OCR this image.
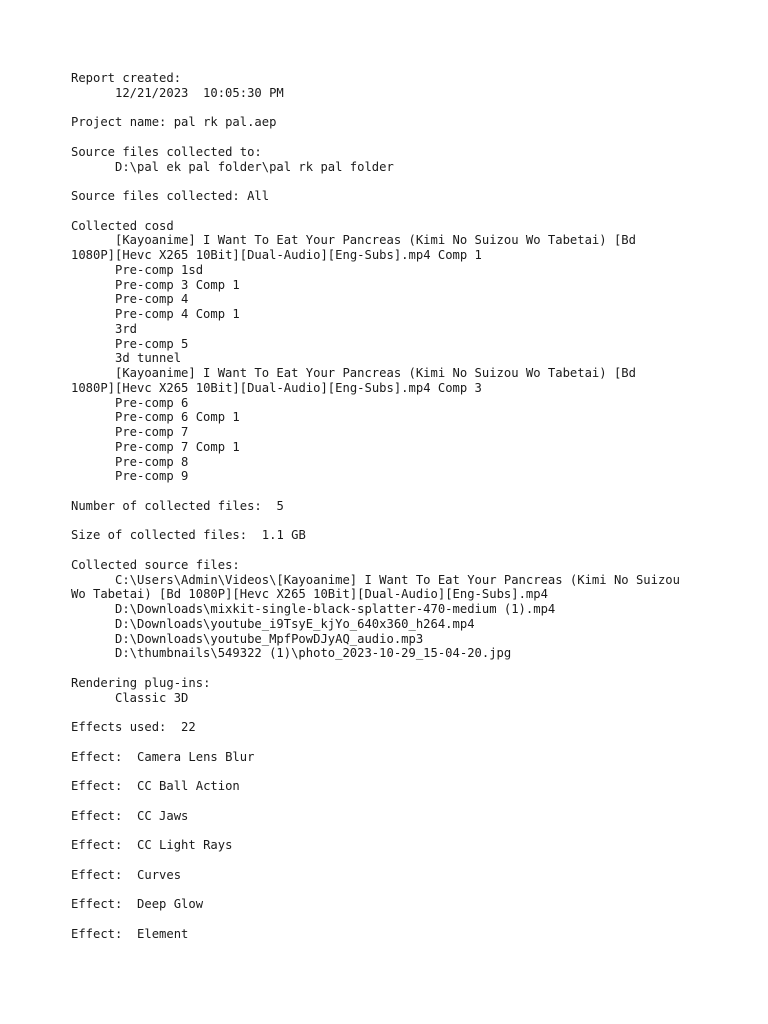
Report created:
12/21/2023  10:05:30 PM
Project name: pal rk pal.aep
Source files collected to:
D:\pal ek pal folder\pal rk pal folder
Source files collected: All
Collected cosd
[Kayoanime] I Want To Eat Your Pancreas (Kimi No Suizou Wo Tabetai) [Bd
1080P][Hevc X265 10Bit][Dual-Audio][Eng-Subs].mp4 Comp 1
Pre-comp 1sd
Pre-comp 3 Comp 1
Pre-comp 4
Pre-comp 4 Comp 1
3rd
Pre-comp 5
3d tunnel
[Kayoanime] I Want To Eat Your Pancreas (Kimi No Suizou Wo Tabetai) [Bd
1080P][Hevc X265 10Bit][Dual-Audio][Eng-Subs].mp4 Comp 3
Pre-comp 6
Pre-comp 6 Comp 1
Pre-comp 7
Pre-comp 7 Comp 1
Pre-comp 8
Pre-comp 9
Number of collected files:  5
Size of collected files:  1.1 GB
Collected source files:
C:\Users\Admin\Videos\[Kayoanime] I Want To Eat Your Pancreas (Kimi No Suizou
Wo Tabetai) [Bd 1080P][Hevc X265 10Bit][Dual-Audio][Eng-Subs].mp4
D:\Downloads\mixkit-single-black-splatter-470-medium (1).mp4
D:\Downloads\youtube_i9TsyE_kjYo_640x360_h264.mp4
D:\Downloads\youtube_MpfPowDJyAQ_audio.mp3
D:\thumbnails\549322 (1)\photo_2023-10-29_15-04-20.jpg
Rendering plug-ins:
Classic 3D
Effects used:  22
Effect:  Camera Lens Blur
Effect:  CC Ball Action
Effect:  CC Jaws
Effect:  CC Light Rays
Effect:  Curves
Effect:  Deep Glow
Effect:  Element
